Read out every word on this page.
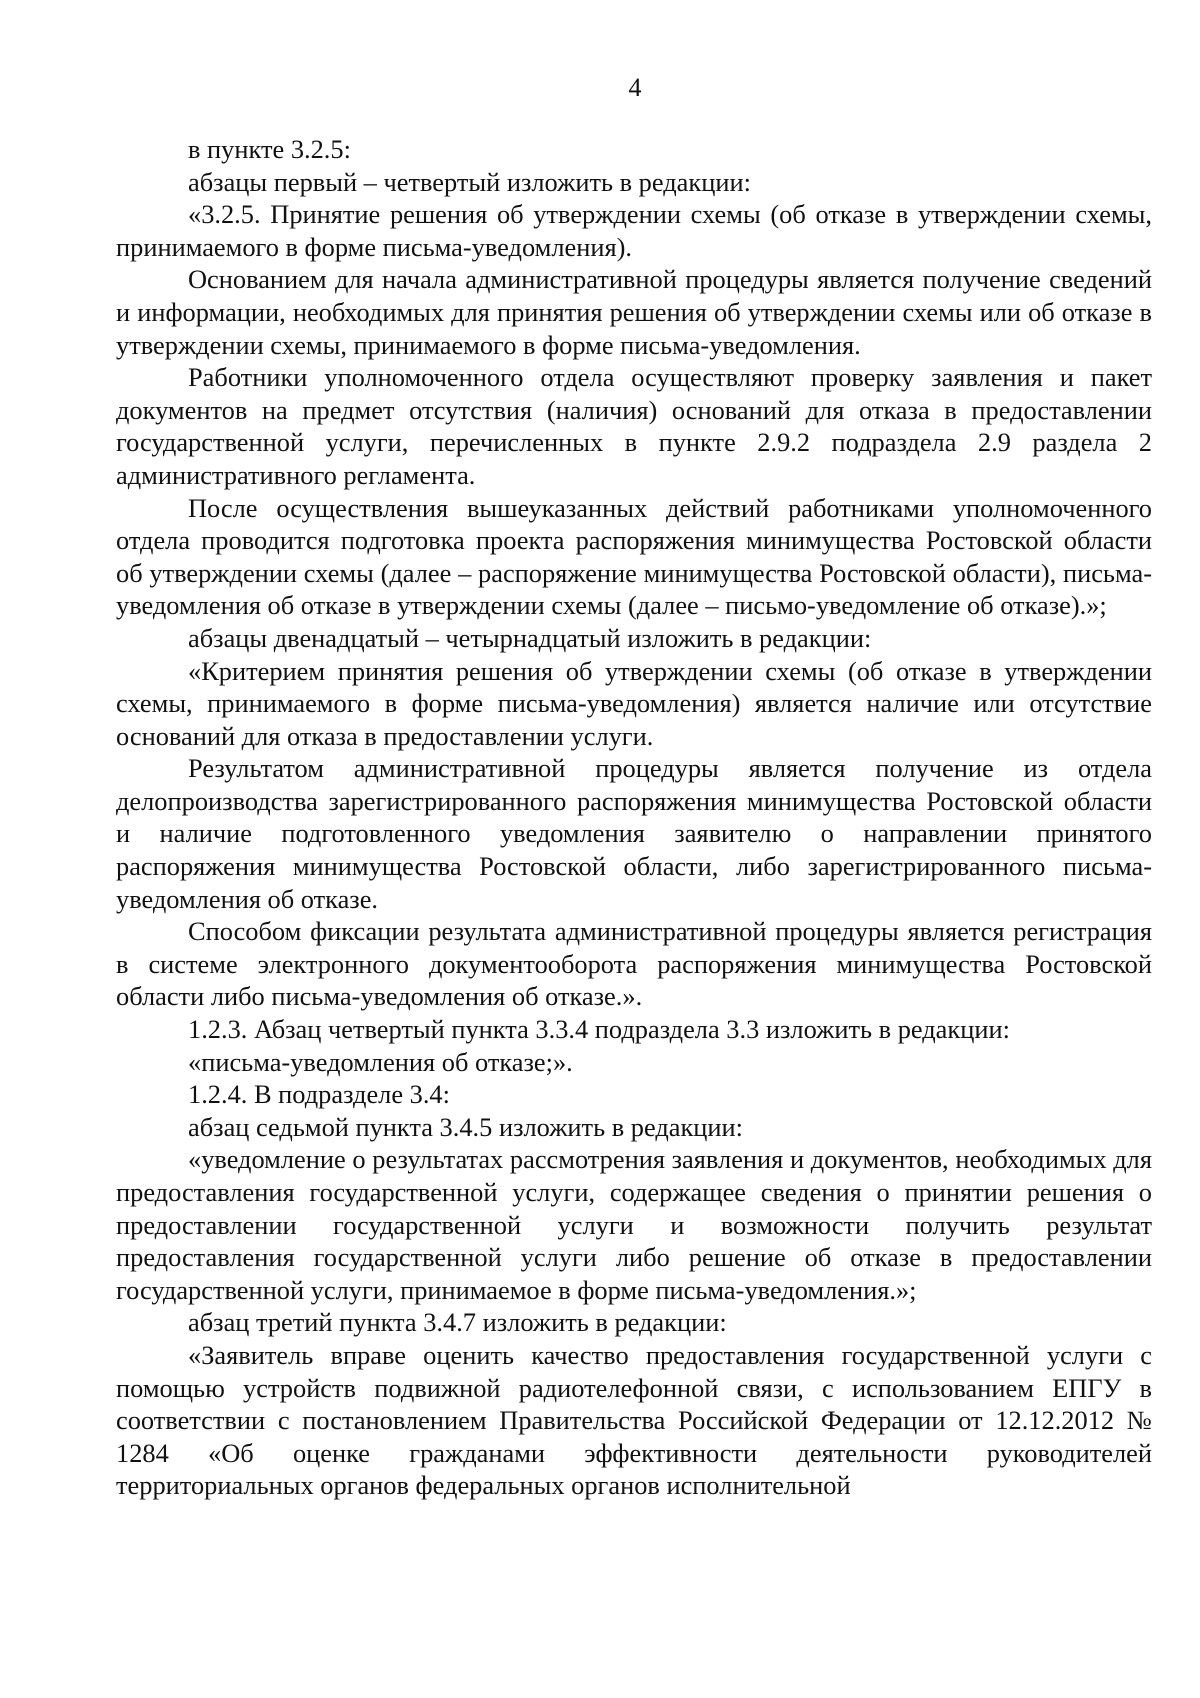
4

в пункте 3.2.5:

абзацы первый – четвертый изложить в редакции:

«3.2.5. Принятие решения об утверждении схемы (об отказе в утверждении схемы, принимаемого в форме письма-уведомления).

Основанием для начала административной процедуры является получение сведений и информации, необходимых для принятия решения об утверждении схемы или об отказе в утверждении схемы, принимаемого в форме письма-уведомления.

Работники уполномоченного отдела осуществляют проверку заявления и пакет документов на предмет отсутствия (наличия) оснований для отказа в предоставлении государственной услуги, перечисленных в пункте 2.9.2 подраздела 2.9 раздела 2 административного регламента.

После осуществления вышеуказанных действий работниками уполномоченного отдела проводится подготовка проекта распоряжения минимущества Ростовской области об утверждении схемы (далее – распоряжение минимущества Ростовской области), письма-уведомления об отказе в утверждении схемы (далее – письмо-уведомление об отказе).»;

абзацы двенадцатый – четырнадцатый изложить в редакции:

«Критерием принятия решения об утверждении схемы (об отказе в утверждении схемы, принимаемого в форме письма-уведомления) является наличие или отсутствие оснований для отказа в предоставлении услуги.

Результатом административной процедуры является получение из отдела делопроизводства зарегистрированного распоряжения минимущества Ростовской области и наличие подготовленного уведомления заявителю о направлении принятого распоряжения минимущества Ростовской области, либо зарегистрированного письма-уведомления об отказе.

Способом фиксации результата административной процедуры является регистрация в системе электронного документооборота распоряжения минимущества Ростовской области либо письма-уведомления об отказе.».

1.2.3. Абзац четвертый пункта 3.3.4 подраздела 3.3 изложить в редакции:

«письма-уведомления об отказе;».

1.2.4. В подразделе 3.4:

абзац седьмой пункта 3.4.5 изложить в редакции:

«уведомление о результатах рассмотрения заявления и документов, необходимых для предоставления государственной услуги, содержащее сведения о принятии решения о предоставлении государственной услуги и возможности получить результат предоставления государственной услуги либо решение об отказе в предоставлении государственной услуги, принимаемое в форме письма-уведомления.»;

абзац третий пункта 3.4.7 изложить в редакции:

«Заявитель вправе оценить качество предоставления государственной услуги с помощью устройств подвижной радиотелефонной связи, с использованием ЕПГУ в соответствии с постановлением Правительства Российской Федерации от 12.12.2012 № 1284 «Об оценке гражданами эффективности деятельности руководителей территориальных органов федеральных органов исполнительной
